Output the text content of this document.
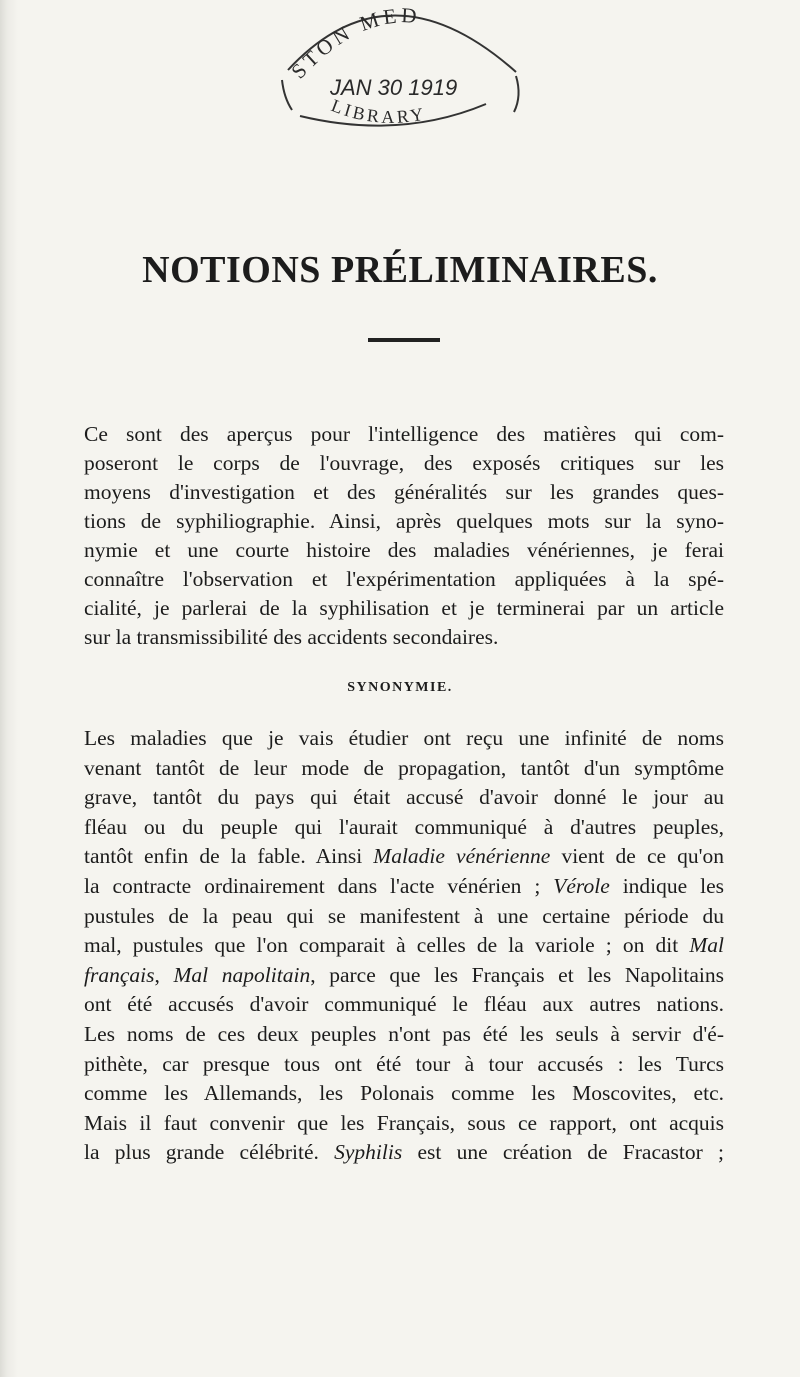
STON MED
JAN 30 1919
LIBRARY
NOTIONS PRÉLIMINAIRES.

Ce sont des aperçus pour l'intelligence des matières qui com-
poseront le corps de l'ouvrage, des exposés critiques sur les
moyens d'investigation et des généralités sur les grandes ques-
tions de syphiliographie. Ainsi, après quelques mots sur la syno-
nymie et une courte histoire des maladies vénériennes, je ferai
connaître l'observation et l'expérimentation appliquées à la spé-
cialité, je parlerai de la syphilisation et je terminerai par un article
sur la transmissibilité des accidents secondaires.

SYNONYMIE.

Les maladies que je vais étudier ont reçu une infinité de noms
venant tantôt de leur mode de propagation, tantôt d'un symptôme
grave, tantôt du pays qui était accusé d'avoir donné le jour au
fléau ou du peuple qui l'aurait communiqué à d'autres peuples,
tantôt enfin de la fable. Ainsi Maladie vénérienne vient de ce qu'on
la contracte ordinairement dans l'acte vénérien ; Vérole indique les
pustules de la peau qui se manifestent à une certaine période du
mal, pustules que l'on comparait à celles de la variole ; on dit Mal
français, Mal napolitain, parce que les Français et les Napolitains
ont été accusés d'avoir communiqué le fléau aux autres nations.
Les noms de ces deux peuples n'ont pas été les seuls à servir d'é-
pithète, car presque tous ont été tour à tour accusés : les Turcs
comme les Allemands, les Polonais comme les Moscovites, etc.
Mais il faut convenir que les Français, sous ce rapport, ont acquis
la plus grande célébrité. Syphilis est une création de Fracastor ;
